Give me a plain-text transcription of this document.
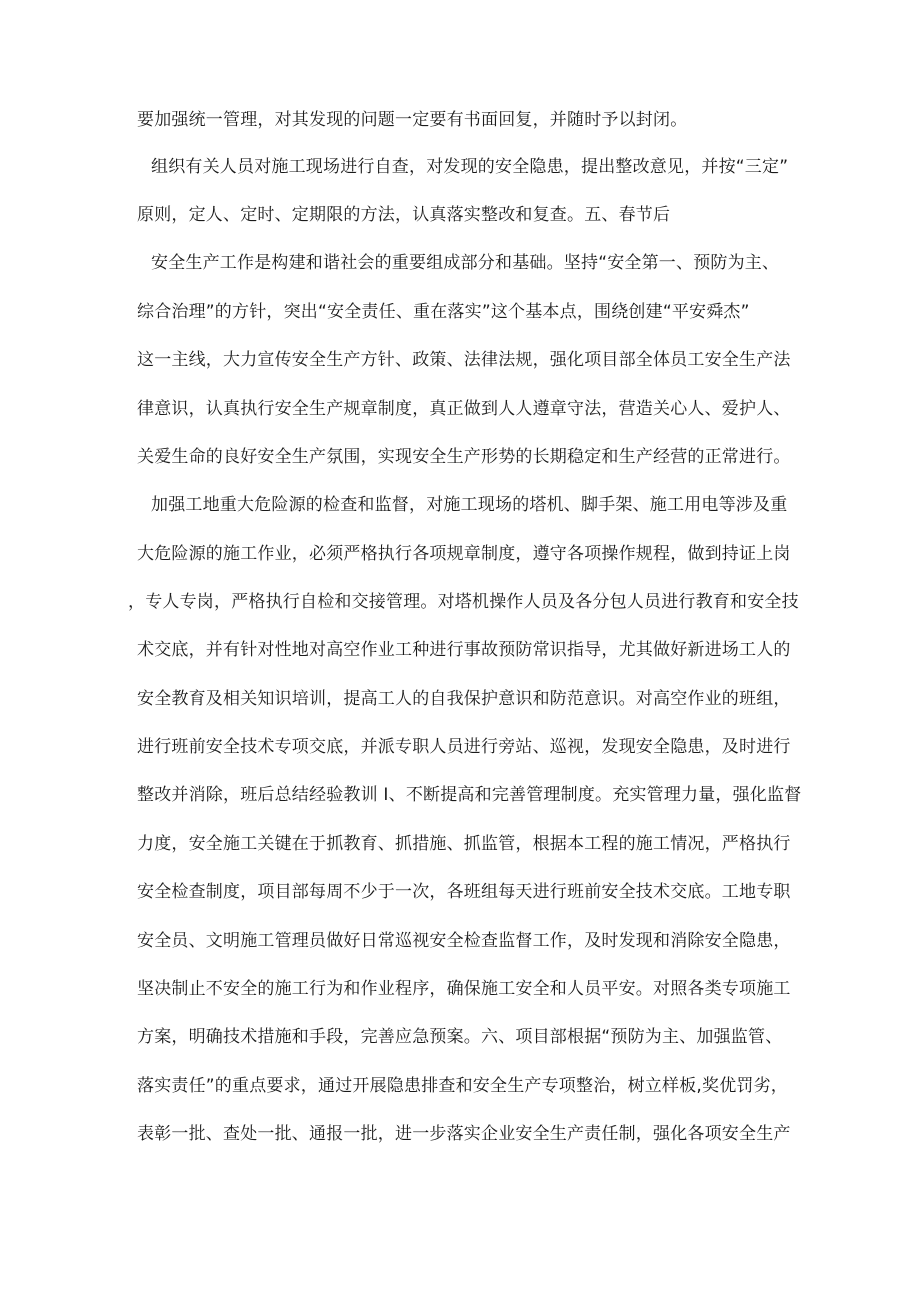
要加强统一管理，对其发现的问题一定要有书面回复，并随时予以封闭。
组织有关人员对施工现场进行自查，对发现的安全隐患，提出整改意见，并按“三定”
原则，定人、定时、定期限的方法，认真落实整改和复查。五、春节后
安全生产工作是构建和谐社会的重要组成部分和基础。坚持“安全第一、预防为主、
综合治理”的方针，突出“安全责任、重在落实”这个基本点，围绕创建“平安舜杰”
这一主线，大力宣传安全生产方针、政策、法律法规，强化项目部全体员工安全生产法
律意识，认真执行安全生产规章制度，真正做到人人遵章守法，营造关心人、爱护人、
关爱生命的良好安全生产氛围，实现安全生产形势的长期稳定和生产经营的正常进行。
加强工地重大危险源的检查和监督，对施工现场的塔机、脚手架、施工用电等涉及重
大危险源的施工作业，必须严格执行各项规章制度，遵守各项操作规程，做到持证上岗
，专人专岗，严格执行自检和交接管理。对塔机操作人员及各分包人员进行教育和安全技
术交底，并有针对性地对高空作业工种进行事故预防常识指导，尤其做好新进场工人的
安全教育及相关知识培训，提高工人的自我保护意识和防范意识。对高空作业的班组，
进行班前安全技术专项交底，并派专职人员进行旁站、巡视，发现安全隐患，及时进行
整改并消除，班后总结经验教训 I、不断提高和完善管理制度。充实管理力量，强化监督
力度，安全施工关键在于抓教育、抓措施、抓监管，根据本工程的施工情况，严格执行
安全检查制度，项目部每周不少于一次，各班组每天进行班前安全技术交底。工地专职
安全员、文明施工管理员做好日常巡视安全检查监督工作，及时发现和消除安全隐患，
坚决制止不安全的施工行为和作业程序，确保施工安全和人员平安。对照各类专项施工
方案，明确技术措施和手段，完善应急预案。六、项目部根据“预防为主、加强监管、
落实责任”的重点要求，通过开展隐患排查和安全生产专项整治，树立样板,奖优罚劣，
表彰一批、查处一批、通报一批，进一步落实企业安全生产责任制，强化各项安全生产
